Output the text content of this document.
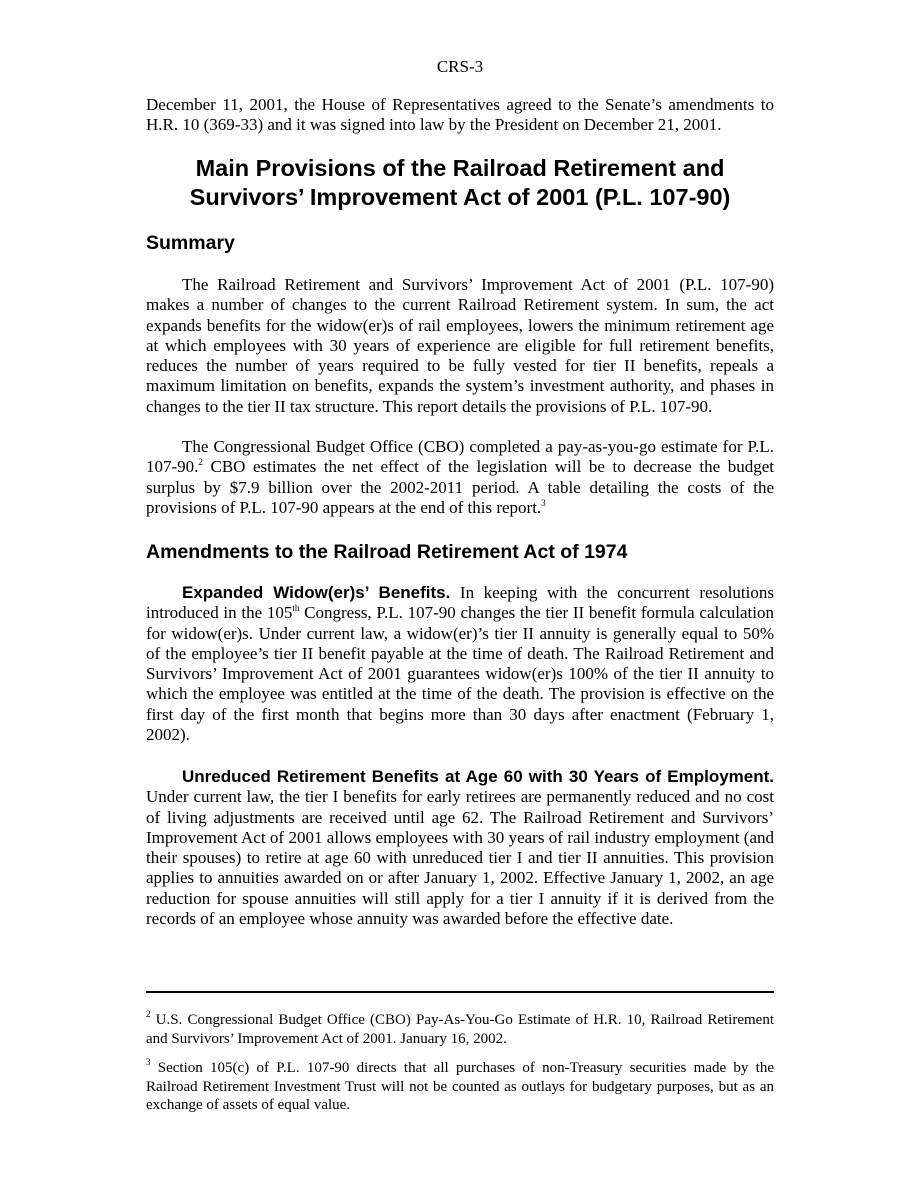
CRS-3

December 11, 2001, the House of Representatives agreed to the Senate’s amendments to H.R. 10 (369-33) and it was signed into law by the President on December 21, 2001.

Main Provisions of the Railroad Retirement and
Survivors’ Improvement Act of 2001 (P.L. 107-90)
Summary

The Railroad Retirement and Survivors’ Improvement Act of 2001 (P.L. 107-90) makes a number of changes to the current Railroad Retirement system. In sum, the act expands benefits for the widow(er)s of rail employees, lowers the minimum retirement age at which employees with 30 years of experience are eligible for full retirement benefits, reduces the number of years required to be fully vested for tier II benefits, repeals a maximum limitation on benefits, expands the system’s investment authority, and phases in changes to the tier II tax structure. This report details the provisions of P.L. 107-90.

The Congressional Budget Office (CBO) completed a pay-as-you-go estimate for P.L. 107-90.$^2$ CBO estimates the net effect of the legislation will be to decrease the budget surplus by $7.9 billion over the 2002-2011 period. A table detailing the costs of the provisions of P.L. 107-90 appears at the end of this report.$^3$

Amendments to the Railroad Retirement Act of 1974

Expanded Widow(er)s’ Benefits. In keeping with the concurrent resolutions introduced in the 105th Congress, P.L. 107-90 changes the tier II benefit formula calculation for widow(er)s. Under current law, a widow(er)’s tier II annuity is generally equal to 50% of the employee’s tier II benefit payable at the time of death. The Railroad Retirement and Survivors’ Improvement Act of 2001 guarantees widow(er)s 100% of the tier II annuity to which the employee was entitled at the time of the death. The provision is effective on the first day of the first month that begins more than 30 days after enactment (February 1, 2002).

Unreduced Retirement Benefits at Age 60 with 30 Years of Employment. Under current law, the tier I benefits for early retirees are permanently reduced and no cost of living adjustments are received until age 62. The Railroad Retirement and Survivors’ Improvement Act of 2001 allows employees with 30 years of rail industry employment (and their spouses) to retire at age 60 with unreduced tier I and tier II annuities. This provision applies to annuities awarded on or after January 1, 2002. Effective January 1, 2002, an age reduction for spouse annuities will still apply for a tier I annuity if it is derived from the records of an employee whose annuity was awarded before the effective date.

$^2$ U.S. Congressional Budget Office (CBO) Pay-As-You-Go Estimate of H.R. 10, Railroad Retirement and Survivors’ Improvement Act of 2001. January 16, 2002.

$^3$ Section 105(c) of P.L. 107-90 directs that all purchases of non-Treasury securities made by the Railroad Retirement Investment Trust will not be counted as outlays for budgetary purposes, but as an exchange of assets of equal value.
